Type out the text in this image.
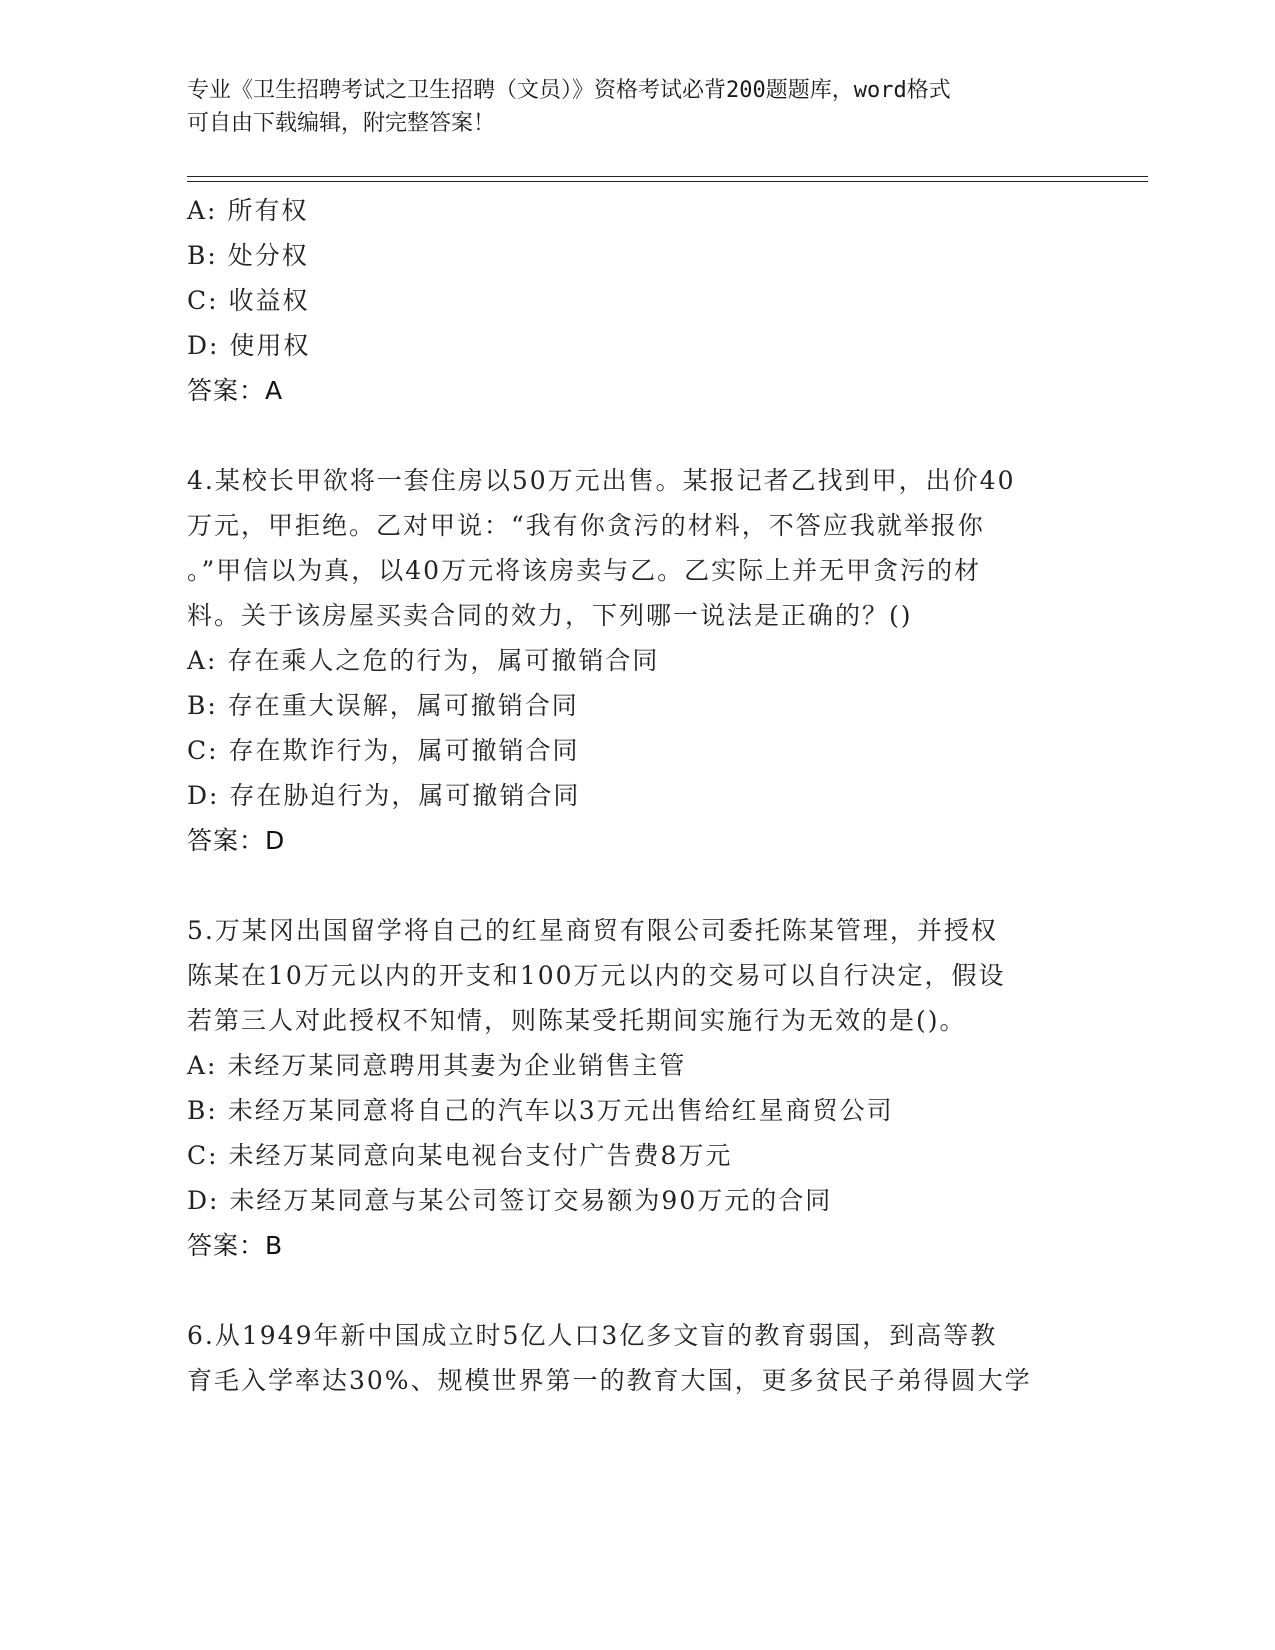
专业《卫生招聘考试之卫生招聘（文员）》资格考试必背200题题库，word格式

可自由下载编辑，附完整答案！

A: 所有权
B: 处分权
C: 收益权
D: 使用权
答案：A
4.某校长甲欲将一套住房以50万元出售。某报记者乙找到甲，出价40
万元，甲拒绝。乙对甲说：“我有你贪污的材料，不答应我就举报你
。”甲信以为真，以40万元将该房卖与乙。乙实际上并无甲贪污的材
料。关于该房屋买卖合同的效力，下列哪一说法是正确的？()
A: 存在乘人之危的行为，属可撤销合同
B: 存在重大误解，属可撤销合同
C: 存在欺诈行为，属可撤销合同
D: 存在胁迫行为，属可撤销合同
答案：D
5.万某冈出国留学将自己的红星商贸有限公司委托陈某管理，并授权
陈某在10万元以内的开支和100万元以内的交易可以自行决定，假设
若第三人对此授权不知情，则陈某受托期间实施行为无效的是()。
A: 未经万某同意聘用其妻为企业销售主管
B: 未经万某同意将自己的汽车以3万元出售给红星商贸公司
C: 未经万某同意向某电视台支付广告费8万元
D: 未经万某同意与某公司签订交易额为90万元的合同
答案：B
6.从1949年新中国成立时5亿人口3亿多文盲的教育弱国，到高等教
育毛入学率达30%、规模世界第一的教育大国，更多贫民子弟得圆大学
